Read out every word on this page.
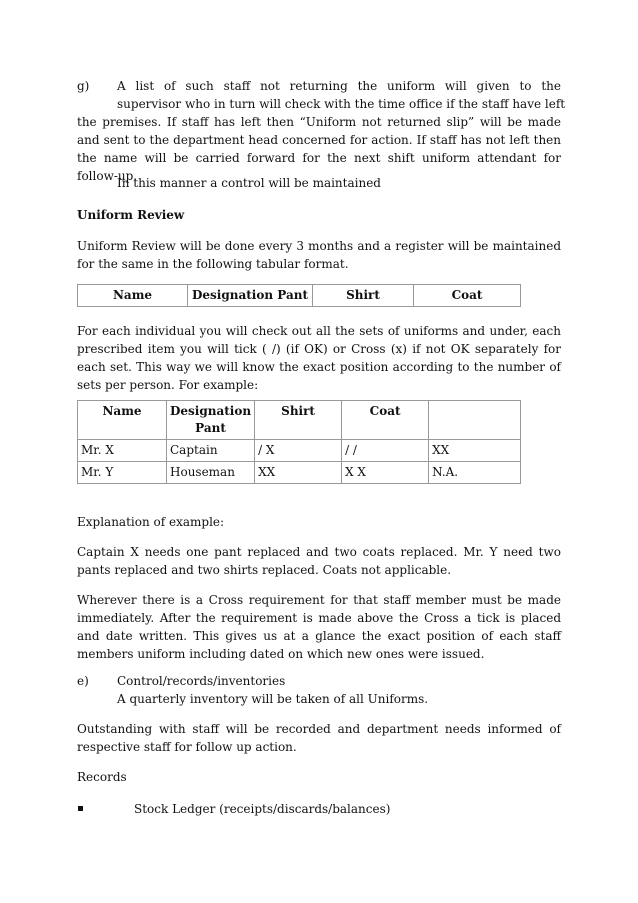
g) A list of such staff not returning the uniform will given to the
supervisor who in turn will check with the time office if the staff have left

the premises. If staff has left then “Uniform not returned slip” will be made and sent to the department head concerned for action. If staff has not left then the name will be carried forward for the next shift uniform attendant for follow-up.

In this manner a control will be maintained
Uniform Review

Uniform Review will be done every 3 months and a register will be maintained for the same in the following tabular format.

Name	Designation Pant	Shirt	Coat

For each individual you will check out all the sets of uniforms and under, each prescribed item you will tick ( /) (if OK) or Cross (x) if not OK separately for each set. This way we will know the exact position according to the number of sets per person. For example:

Name	Designation Pant	Shirt	Coat	
Mr. X	Captain	/ X	/ /	XX
Mr. Y	Houseman	XX	X X	N.A.
Explanation of example:

Captain X needs one pant replaced and two coats replaced. Mr. Y need two pants replaced and two shirts replaced. Coats not applicable.

Wherever there is a Cross requirement for that staff member must be made immediately. After the requirement is made above the Cross a tick is placed and date written. This gives us at a glance the exact position of each staff members uniform including dated on which new ones were issued.

e) Control/records/inventories
A quarterly inventory will be taken of all Uniforms.

Outstanding with staff will be recorded and department needs informed of respective staff for follow up action.

Records
Stock Ledger (receipts/discards/balances)
